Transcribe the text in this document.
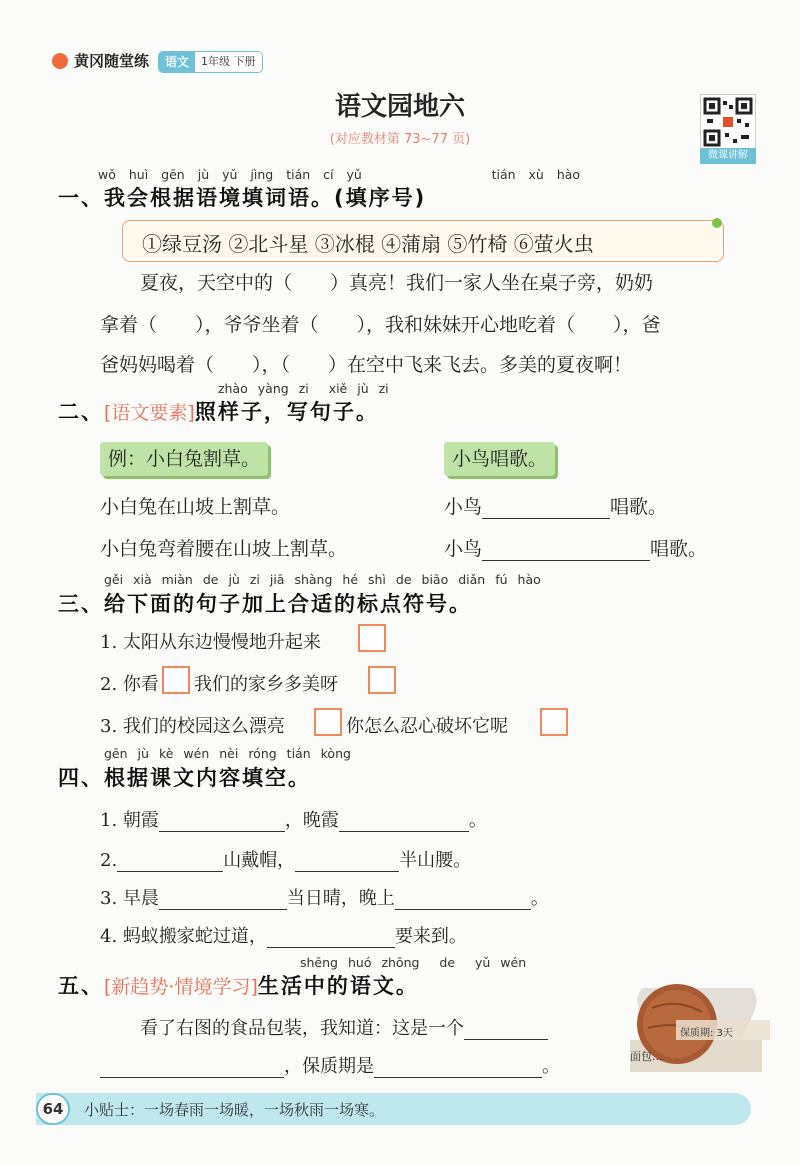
黄冈随堂练	语文	1年级 下册
语文园地六
(对应教材第 73~77 页)
微课讲解
wǒ huì gēn jù yǔ jìng tián cí yǔ	tián xù hào
一、我会根据语境填词语。(填序号)
①绿豆汤 ②北斗星 ③冰棍 ④蒲扇 ⑤竹椅 ⑥萤火虫
夏夜，天空中的（　　）真亮！我们一家人坐在桌子旁，奶奶
拿着（　　），爷爷坐着（　　），我和妹妹开心地吃着（　　），爸
爸妈妈喝着（　　），（　　）在空中飞来飞去。多美的夏夜啊！
zhào yàng zi xiě jù zi
二、[语文要素]照样子，写句子。
例：小白兔割草。	小鸟唱歌。
小白兔在山坡上割草。
小白兔弯着腰在山坡上割草。
小鸟	唱歌。
小鸟	唱歌。
gěi xià miàn de jù zi jiā shàng hé shì de biāo diǎn fú hào
三、给下面的句子加上合适的标点符号。
1. 太阳从东边慢慢地升起来
2. 你看 我们的家乡多美呀
3. 我们的校园这么漂亮	你怎么忍心破坏它呢
gēn jù kè wén nèi róng tián kòng
四、根据课文内容填空。
1. 朝霞	，晚霞	。
2.	山戴帽，	半山腰。
3. 早晨	当日晴，晚上	。
4. 蚂蚁搬家蛇过道，	要来到。
shēng huó zhōng de yǔ wén
五、[新趋势·情境学习]生活中的语文。
看了右图的食品包装，我知道：这是一个
，保质期是	。	面包...
保质期: 3天
64	小贴士：一场春雨一场暖，一场秋雨一场寒。
